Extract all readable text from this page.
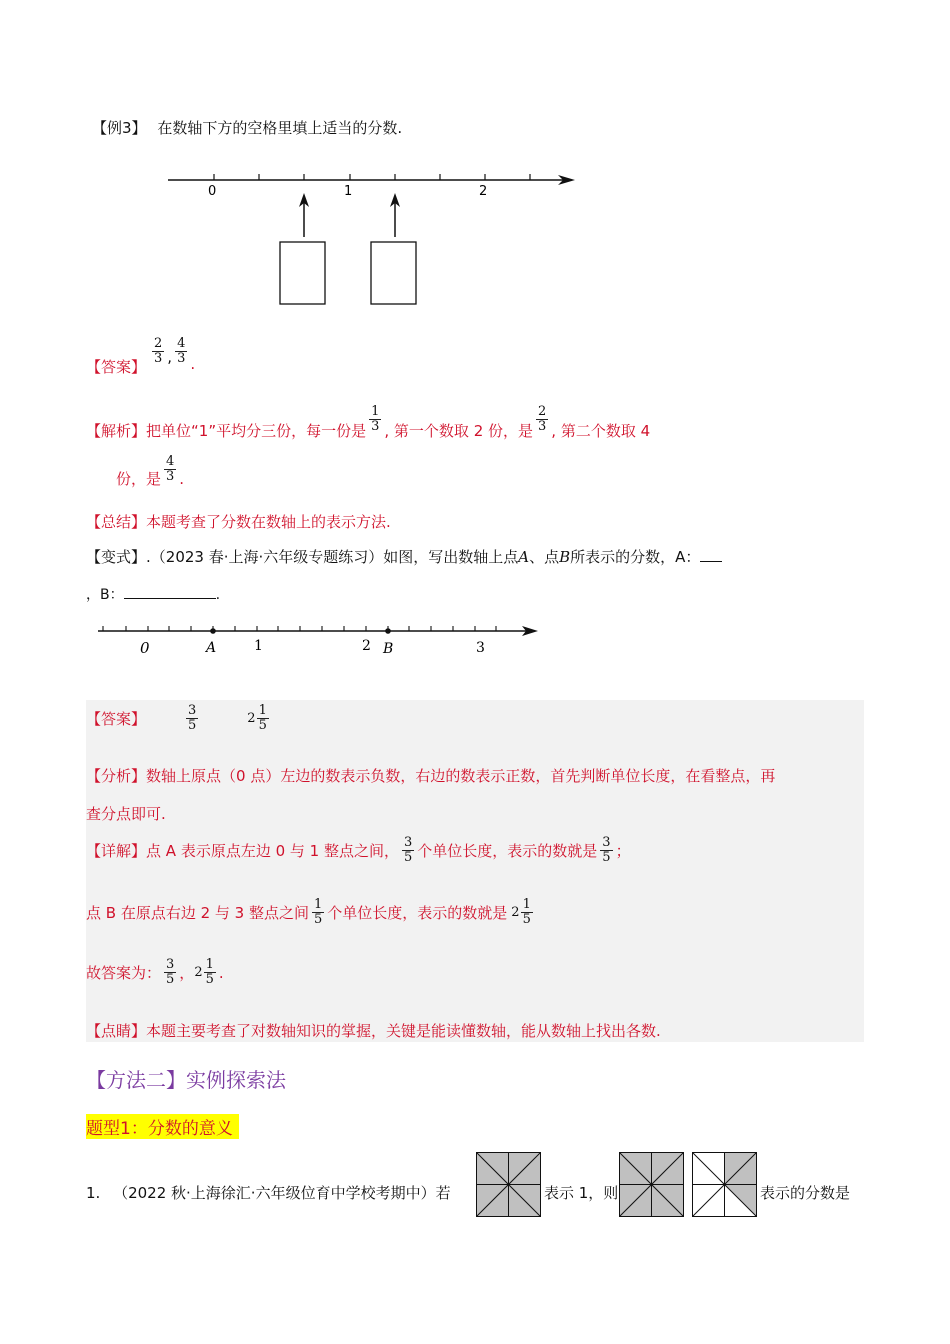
【例3】 在数轴下方的空格里填上适当的分数.
0	1	2
【答案】
$\frac{2}{3}$ , $\frac{4}{3}$ .
【解析】 把单位“1”平均分三份，每一份是 $\frac{1}{3}$ , 第一个数取 2 份，是 $\frac{2}{3}$ , 第二个数取 4
份，是 $\frac{4}{3}$ .
【总结】本题考查了分数在数轴上的表示方法.
【变式】.（2023 春·上海·六年级专题练习）如图，写出数轴上点A、点B所表示的分数，A：
，B：	.
0	A	1	2 B	3
【答案】	$\frac{3}{5}$	$2 \frac{1}{5}$
【分析】数轴上原点（0 点）左边的数表示负数，右边的数表示正数，首先判断单位长度，在看整点，再
查分点即可.
【详解】 点 A 表示原点左边 0 与 1 整点之间， $\frac{3}{5}$ 个单位长度，表示的数就是 $\frac{3}{5}$ ；
点 B 在原点右边 2 与 3 整点之间 $\frac{1}{5}$ 个单位长度，表示的数就是 $2 \frac{1}{5}$
故答案为： $\frac{3}{5}$ ， $2 \frac{1}{5}$ .
【点睛】本题主要考查了对数轴知识的掌握，关键是能读懂数轴，能从数轴上找出各数.
【方法二】实例探索法
题型1：分数的意义
1. （2022 秋·上海徐汇·六年级位育中学校考期中）若	表示 1，则	表示的分数是
